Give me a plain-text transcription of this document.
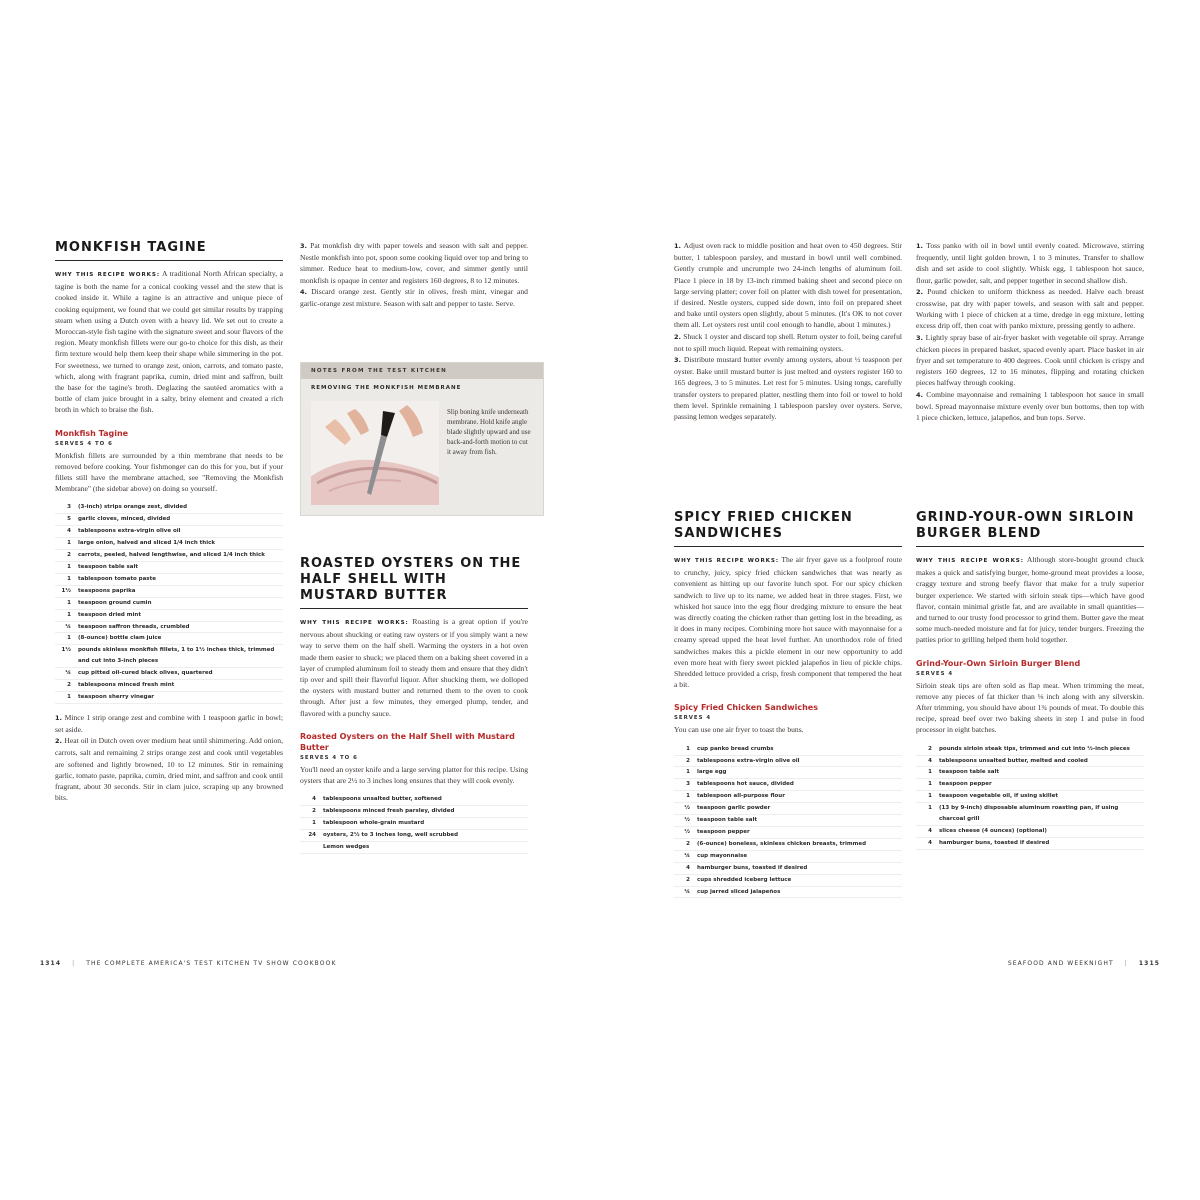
MONKFISH TAGINE

WHY THIS RECIPE WORKS: A traditional North African specialty, a tagine is both the name for a conical cooking vessel and the stew that is cooked inside it. While a tagine is an attractive and unique piece of cooking equipment, we found that we could get similar results by trapping steam when using a Dutch oven with a heavy lid. We set out to create a Moroccan-style fish tagine with the signature sweet and sour flavors of the region. Meaty monkfish fillets were our go-to choice for this dish, as their firm texture would help them keep their shape while simmering in the pot. For sweetness, we turned to orange zest, onion, carrots, and tomato paste, which, along with fragrant paprika, cumin, dried mint and saffron, built the base for the tagine's broth. Deglazing the sautéed aromatics with a bottle of clam juice brought in a salty, briny element and created a rich broth in which to braise the fish.

Monkfish Tagine
SERVES 4 TO 6

Monkfish fillets are surrounded by a thin membrane that needs to be removed before cooking. Your fishmonger can do this for you, but if your fillets still have the membrane attached, see "Removing the Monkfish Membrane" (the sidebar above) on doing so yourself.

3 (3-inch) strips orange zest, divided
5 garlic cloves, minced, divided
4 tablespoons extra-virgin olive oil
1 large onion, halved and sliced 1/4 inch thick
2 carrots, peeled, halved lengthwise, and sliced 1/4 inch thick
1 teaspoon table salt
1 tablespoon tomato paste
1½ teaspoons paprika
1 teaspoon ground cumin
1 teaspoon dried mint
¼ teaspoon saffron threads, crumbled
1 (8-ounce) bottle clam juice
1½ pounds skinless monkfish fillets, 1 to 1½ inches thick, trimmed and cut into 3-inch pieces
¼ cup pitted oil-cured black olives, quartered
2 tablespoons minced fresh mint
1 teaspoon sherry vinegar

1. Mince 1 strip orange zest and combine with 1 teaspoon garlic in bowl; set aside.

2. Heat oil in Dutch oven over medium heat until shimmering. Add onion, carrots, salt and remaining 2 strips orange zest and cook until vegetables are softened and lightly browned, 10 to 12 minutes. Stir in remaining garlic, tomato paste, paprika, cumin, dried mint, and saffron and cook until fragrant, about 30 seconds. Stir in clam juice, scraping up any browned bits.

3. Pat monkfish dry with paper towels and season with salt and pepper. Nestle monkfish into pot, spoon some cooking liquid over top and bring to simmer. Reduce heat to medium-low, cover, and simmer gently until monkfish is opaque in center and registers 160 degrees, 8 to 12 minutes.

4. Discard orange zest. Gently stir in olives, fresh mint, vinegar and garlic-orange zest mixture. Season with salt and pepper to taste. Serve.

NOTES FROM THE TEST KITCHEN
REMOVING THE MONKFISH MEMBRANE
Slip boning knife underneath membrane. Hold knife angle blade slightly upward and use back-and-forth motion to cut it away from fish.
ROASTED OYSTERS ON THE HALF SHELL WITH MUSTARD BUTTER

WHY THIS RECIPE WORKS: Roasting is a great option if you're nervous about shucking or eating raw oysters or if you simply want a new way to serve them on the half shell. Warming the oysters in a hot oven made them easier to shuck; we placed them on a baking sheet covered in a layer of crumpled aluminum foil to steady them and ensure that they didn't tip over and spill their flavorful liquor. After shucking them, we dolloped the oysters with mustard butter and returned them to the oven to cook through. After just a few minutes, they emerged plump, tender, and flavored with a punchy sauce.

Roasted Oysters on the Half Shell with Mustard Butter
SERVES 4 TO 6

You'll need an oyster knife and a large serving platter for this recipe. Using oysters that are 2½ to 3 inches long ensures that they will cook evenly.

4 tablespoons unsalted butter, softened
2 tablespoons minced fresh parsley, divided
1 tablespoon whole-grain mustard
24 oysters, 2½ to 3 inches long, well scrubbed
Lemon wedges
1314 | THE COMPLETE AMERICA'S TEST KITCHEN TV SHOW COOKBOOK

1. Adjust oven rack to middle position and heat oven to 450 degrees. Stir butter, 1 tablespoon parsley, and mustard in bowl until well combined. Gently crumple and uncrumple two 24-inch lengths of aluminum foil. Place 1 piece in 18 by 13-inch rimmed baking sheet and second piece on large serving platter; cover foil on platter with dish towel for presentation, if desired. Nestle oysters, cupped side down, into foil on prepared sheet and bake until oysters open slightly, about 5 minutes. (It's OK to not cover them all. Let oysters rest until cool enough to handle, about 1 minutes.)

2. Shuck 1 oyster and discard top shell. Return oyster to foil, being careful not to spill much liquid. Repeat with remaining oysters.

3. Distribute mustard butter evenly among oysters, about ½ teaspoon per oyster. Bake until mustard butter is just melted and oysters register 160 to 165 degrees, 3 to 5 minutes. Let rest for 5 minutes. Using tongs, carefully transfer oysters to prepared platter, nestling them into foil or towel to hold them level. Sprinkle remaining 1 tablespoon parsley over oysters. Serve, passing lemon wedges separately.

SPICY FRIED CHICKEN SANDWICHES

WHY THIS RECIPE WORKS: The air fryer gave us a foolproof route to crunchy, juicy, spicy fried chicken sandwiches that was nearly as convenient as hitting up our favorite lunch spot. For our spicy chicken sandwich to live up to its name, we added heat in three stages. First, we whisked hot sauce into the egg flour dredging mixture to ensure the heat was directly coating the chicken rather than getting lost in the breading, as it does in many recipes. Combining more hot sauce with mayonnaise for a creamy spread upped the heat level further. An unorthodox role of fried sandwiches makes this a pickle element in our new opportunity to add even more heat with fiery sweet pickled jalapeños in lieu of pickle chips. Shredded lettuce provided a crisp, fresh component that tempered the heat a bit.

Spicy Fried Chicken Sandwiches
SERVES 4

You can use one air fryer to toast the buns.

1 cup panko bread crumbs
2 tablespoons extra-virgin olive oil
1 large egg
3 tablespoons hot sauce, divided
1 tablespoon all-purpose flour
½ teaspoon garlic powder
½ teaspoon table salt
½ teaspoon pepper
2 (6-ounce) boneless, skinless chicken breasts, trimmed
¼ cup mayonnaise
4 hamburger buns, toasted if desired
2 cups shredded iceberg lettuce
¼ cup jarred sliced jalapeños

1. Toss panko with oil in bowl until evenly coated. Microwave, stirring frequently, until light golden brown, 1 to 3 minutes. Transfer to shallow dish and set aside to cool slightly. Whisk egg, 1 tablespoon hot sauce, flour, garlic powder, salt, and pepper together in second shallow dish.

2. Pound chicken to uniform thickness as needed. Halve each breast crosswise, pat dry with paper towels, and season with salt and pepper. Working with 1 piece of chicken at a time, dredge in egg mixture, letting excess drip off, then coat with panko mixture, pressing gently to adhere.

3. Lightly spray base of air-fryer basket with vegetable oil spray. Arrange chicken pieces in prepared basket, spaced evenly apart. Place basket in air fryer and set temperature to 400 degrees. Cook until chicken is crispy and registers 160 degrees, 12 to 16 minutes, flipping and rotating chicken pieces halfway through cooking.

4. Combine mayonnaise and remaining 1 tablespoon hot sauce in small bowl. Spread mayonnaise mixture evenly over bun bottoms, then top with 1 piece chicken, lettuce, jalapeños, and bun tops. Serve.

GRIND-YOUR-OWN SIRLOIN BURGER BLEND

WHY THIS RECIPE WORKS: Although store-bought ground chuck makes a quick and satisfying burger, home-ground meat provides a loose, craggy texture and strong beefy flavor that make for a truly superior burger experience. We started with sirloin steak tips—which have good flavor, contain minimal gristle fat, and are available in small quantities—and turned to our trusty food processor to grind them. Butter gave the meat some much-needed moisture and fat for juicy, tender burgers. Freezing the patties prior to grilling helped them hold together.

Grind-Your-Own Sirloin Burger Blend
SERVES 4

Sirloin steak tips are often sold as flap meat. When trimming the meat, remove any pieces of fat thicker than ⅛ inch along with any silverskin. After trimming, you should have about 1¾ pounds of meat. To double this recipe, spread beef over two baking sheets in step 1 and pulse in food processor in eight batches.

2 pounds sirloin steak tips, trimmed and cut into ½-inch pieces
4 tablespoons unsalted butter, melted and cooled
1 teaspoon table salt
1 teaspoon pepper
1 teaspoon vegetable oil, if using skillet
1 (13 by 9-inch) disposable aluminum roasting pan, if using charcoal grill
4 slices cheese (4 ounces) (optional)
4 hamburger buns, toasted if desired
SEAFOOD AND WEEKNIGHT | 1315
